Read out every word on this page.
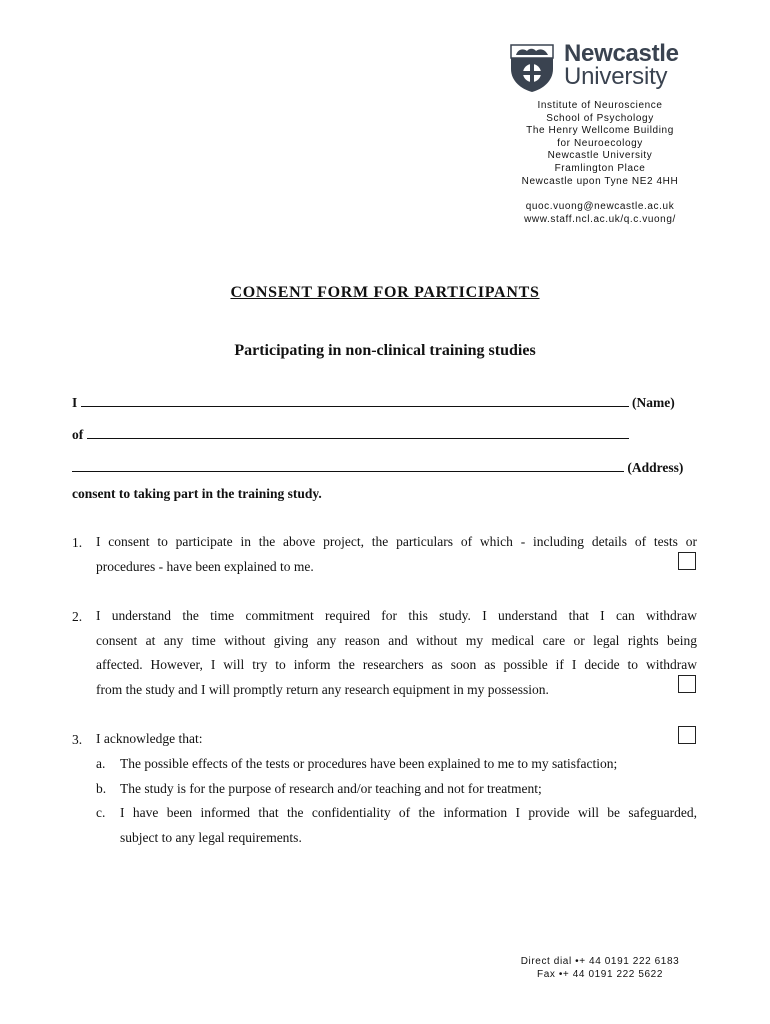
Newcastle
University
Institute of Neuroscience
School of Psychology
The Henry Wellcome Building
for Neuroecology
Newcastle University
Framlington Place
Newcastle upon Tyne NE2 4HH
quoc.vuong@newcastle.ac.uk
www.staff.ncl.ac.uk/q.c.vuong/
CONSENT FORM FOR PARTICIPANTS
Participating in non-clinical training studies
I	(Name)
of
(Address)
consent to taking part in the training study.
1. I consent to participate in the above project, the particulars of which - including details of tests or
procedures - have been explained to me.
2. I understand the time commitment required for this study. I understand that I can withdraw
consent at any time without giving any reason and without my medical care or legal rights being
affected. However, I will try to inform the researchers as soon as possible if I decide to withdraw
from the study and I will promptly return any research equipment in my possession.
3. I acknowledge that:
a. The possible effects of the tests or procedures have been explained to me to my satisfaction;
b. The study is for the purpose of research and/or teaching and not for treatment;
c. I have been informed that the confidentiality of the information I provide will be safeguarded,
subject to any legal requirements.
Direct dial •+ 44 0191 222 6183
Fax •+ 44 0191 222 5622
